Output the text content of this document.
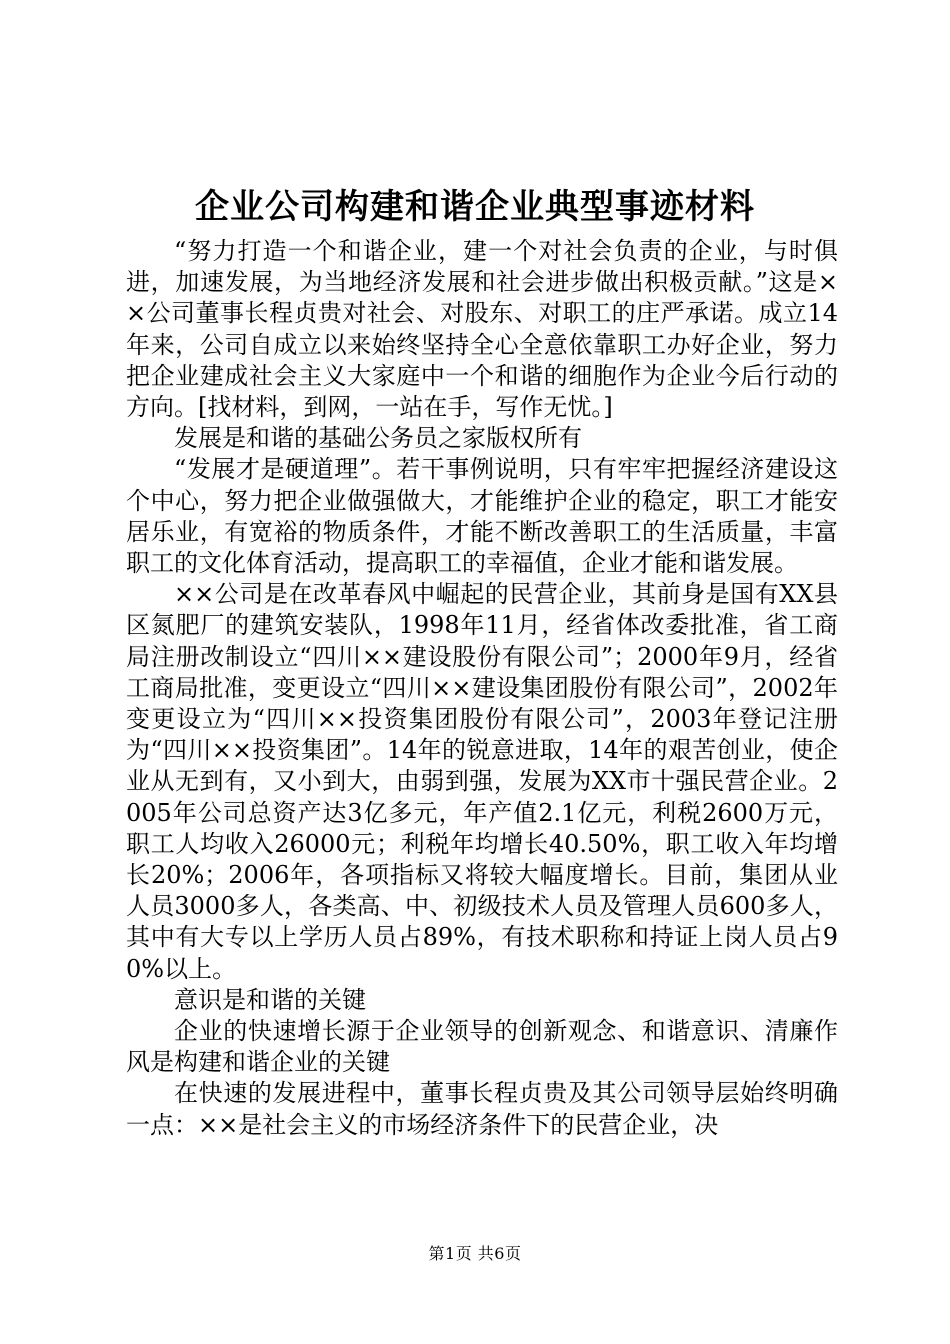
企业公司构建和谐企业典型事迹材料

“努力打造一个和谐企业，建一个对社会负责的企业，与时俱进，加速发展，为当地经济发展和社会进步做出积极贡献。”这是××公司董事长程贞贵对社会、对股东、对职工的庄严承诺。成立14年来，公司自成立以来始终坚持全心全意依靠职工办好企业，努力把企业建成社会主义大家庭中一个和谐的细胞作为企业今后行动的方向。[找材料，到网，一站在手，写作无忧。]

发展是和谐的基础公务员之家版权所有

“发展才是硬道理”。若干事例说明，只有牢牢把握经济建设这个中心，努力把企业做强做大，才能维护企业的稳定，职工才能安居乐业，有宽裕的物质条件，才能不断改善职工的生活质量，丰富职工的文化体育活动，提高职工的幸福值，企业才能和谐发展。

××公司是在改革春风中崛起的民营企业，其前身是国有XX县区氮肥厂的建筑安装队，1998年11月，经省体改委批准，省工商局注册改制设立“四川××建设股份有限公司”；2000年9月，经省工商局批准，变更设立“四川××建设集团股份有限公司”，2002年变更设立为“四川××投资集团股份有限公司”，2003年登记注册为“四川××投资集团”。14年的锐意进取，14年的艰苦创业，使企业从无到有，又小到大，由弱到强，发展为XX市十强民营企业。2005年公司总资产达3亿多元，年产值2.1亿元，利税2600万元，职工人均收入26000元；利税年均增长40.50%，职工收入年均增长20%；2006年，各项指标又将较大幅度增长。目前，集团从业人员3000多人，各类高、中、初级技术人员及管理人员600多人，其中有大专以上学历人员占89%，有技术职称和持证上岗人员占90%以上。

意识是和谐的关键

企业的快速增长源于企业领导的创新观念、和谐意识、清廉作风是构建和谐企业的关键

在快速的发展进程中，董事长程贞贵及其公司领导层始终明确一点：××是社会主义的市场经济条件下的民营企业，决

第1页 共6页
